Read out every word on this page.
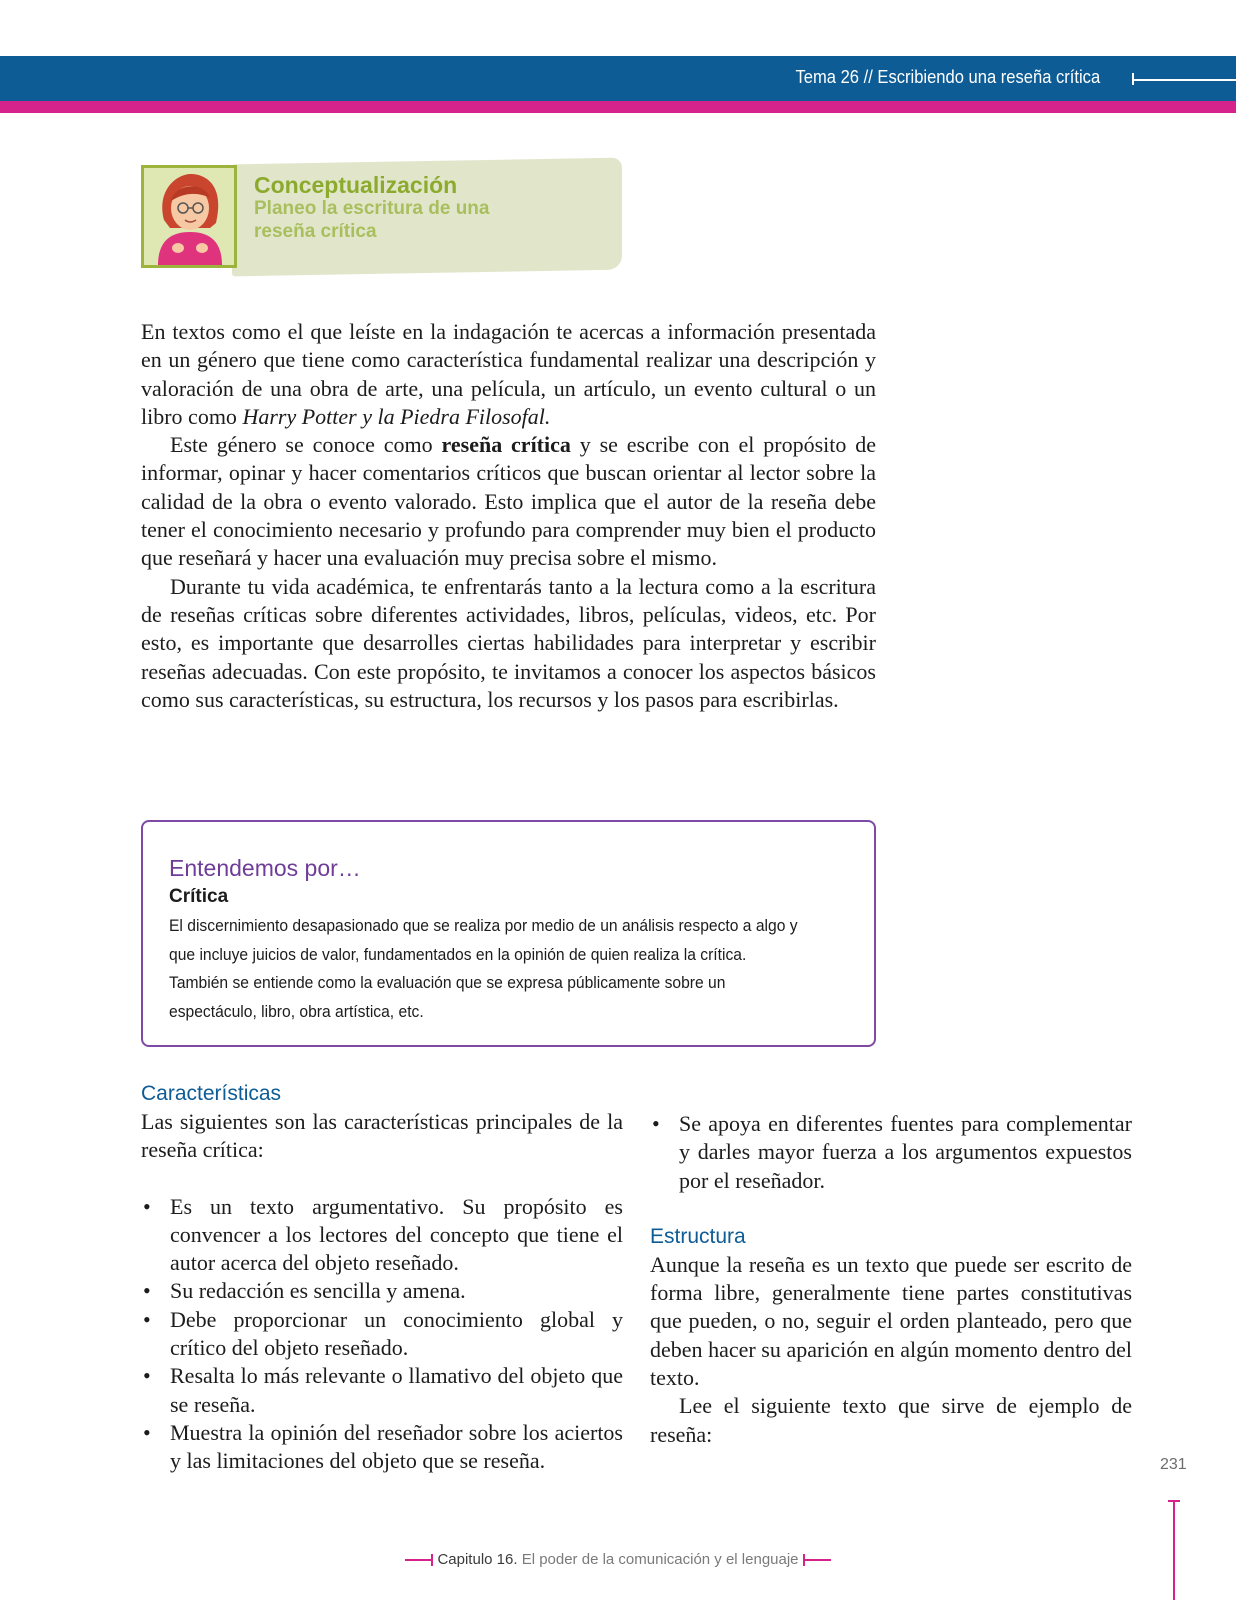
Tema 26 // Escribiendo una reseña crítica
Conceptualización
Planeo la escritura de una reseña crítica

En textos como el que leíste en la indagación te acercas a información presentada en un género que tiene como característica fundamental realizar una descripción y valoración de una obra de arte, una película, un artículo, un evento cultural o un libro como Harry Potter y la Piedra Filosofal.

Este género se conoce como reseña crítica y se escribe con el propósito de informar, opinar y hacer comentarios críticos que buscan orientar al lector sobre la calidad de la obra o evento valorado. Esto implica que el autor de la reseña debe tener el conocimiento necesario y profundo para comprender muy bien el producto que reseñará y hacer una evaluación muy precisa sobre el mismo.

Durante tu vida académica, te enfrentarás tanto a la lectura como a la escritura de reseñas críticas sobre diferentes actividades, libros, películas, videos, etc. Por esto, es importante que desarrolles ciertas habilidades para interpretar y escribir reseñas adecuadas. Con este propósito, te invitamos a conocer los aspectos básicos como sus características, su estructura, los recursos y los pasos para escribirlas.

Entendemos por…
Crítica

El discernimiento desapasionado que se realiza por medio de un análisis respecto a algo y que incluye juicios de valor, fundamentados en la opinión de quien realiza la crítica.

También se entiende como la evaluación que se expresa públicamente sobre un espectáculo, libro, obra artística, etc.

Características

Las siguientes son las características principales de la reseña crítica:

• Es un texto argumentativo. Su propósito es convencer a los lectores del concepto que tiene el autor acerca del objeto reseñado.
• Su redacción es sencilla y amena.
• Debe proporcionar un conocimiento global y crítico del objeto reseñado.
• Resalta lo más relevante o llamativo del objeto que se reseña.
• Muestra la opinión del reseñador sobre los aciertos y las limitaciones del objeto que se reseña.
• Se apoya en diferentes fuentes para complementar y darles mayor fuerza a los argumentos expuestos por el reseñador.

Estructura

Aunque la reseña es un texto que puede ser escrito de forma libre, generalmente tiene partes constitutivas que pueden, o no, seguir el orden planteado, pero que deben hacer su aparición en algún momento dentro del texto.

Lee el siguiente texto que sirve de ejemplo de reseña:

231
Capitulo 16. El poder de la comunicación y el lenguaje
